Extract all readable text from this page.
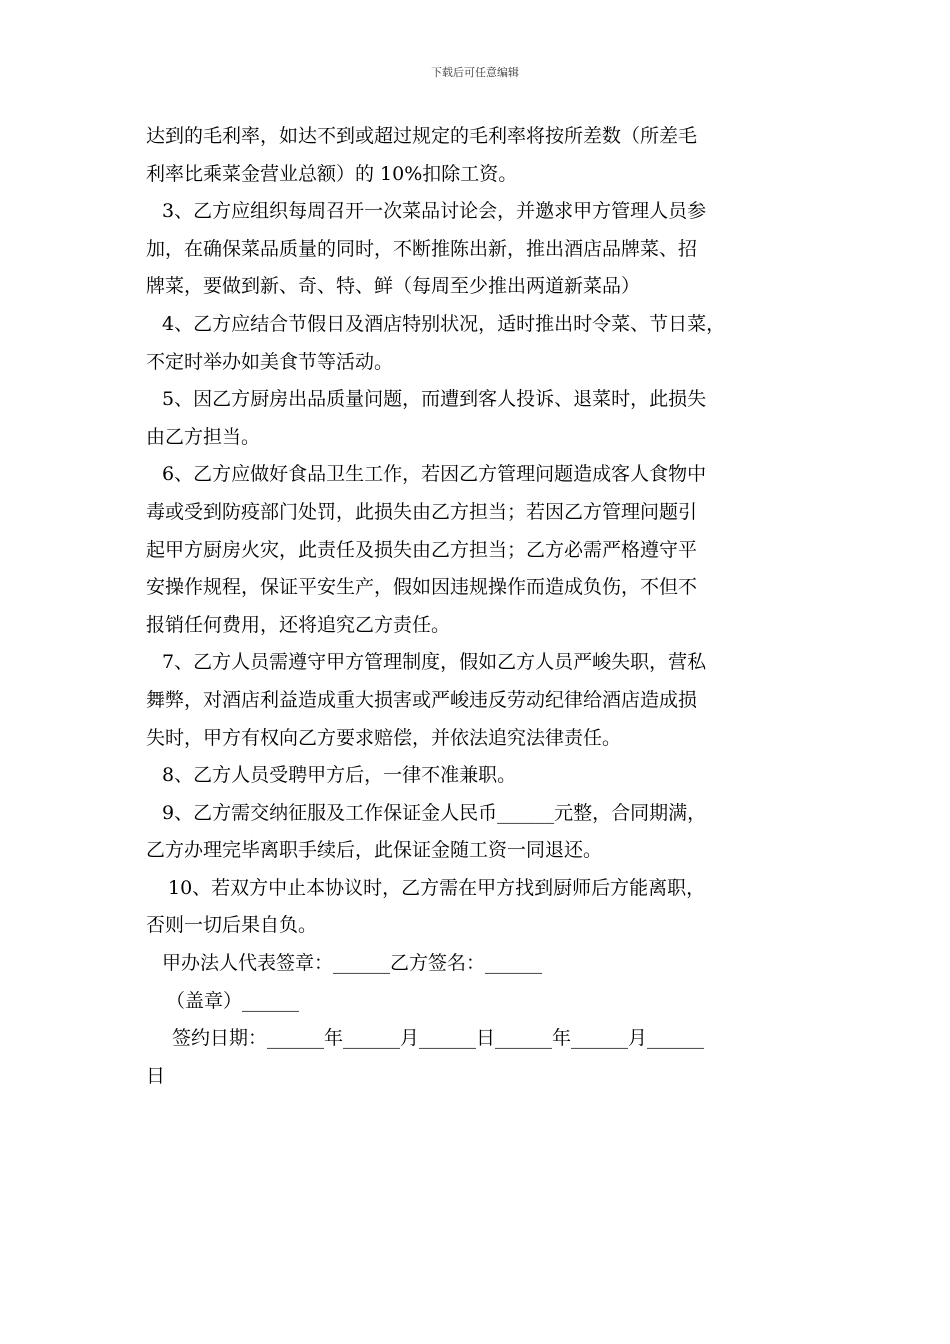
下载后可任意编辑
达到的毛利率，如达不到或超过规定的毛利率将按所差数（所差毛
利率比乘菜金营业总额）的 10%扣除工资。
3、乙方应组织每周召开一次菜品讨论会，并邀求甲方管理人员参
加，在确保菜品质量的同时，不断推陈出新，推出酒店品牌菜、招
牌菜，要做到新、奇、特、鲜（每周至少推出两道新菜品）
4、乙方应结合节假日及酒店特别状况，适时推出时令菜、节日菜，
不定时举办如美食节等活动。
5、因乙方厨房出品质量问题，而遭到客人投诉、退菜时，此损失
由乙方担当。
6、乙方应做好食品卫生工作，若因乙方管理问题造成客人食物中
毒或受到防疫部门处罚，此损失由乙方担当；若因乙方管理问题引
起甲方厨房火灾，此责任及损失由乙方担当；乙方必需严格遵守平
安操作规程，保证平安生产，假如因违规操作而造成负伤，不但不
报销任何费用，还将追究乙方责任。
7、乙方人员需遵守甲方管理制度，假如乙方人员严峻失职，营私
舞弊，对酒店利益造成重大损害或严峻违反劳动纪律给酒店造成损
失时，甲方有权向乙方要求赔偿，并依法追究法律责任。
8、乙方人员受聘甲方后，一律不准兼职。
9、乙方需交纳征服及工作保证金人民币______元整，合同期满，
乙方办理完毕离职手续后，此保证金随工资一同退还。
10、若双方中止本协议时，乙方需在甲方找到厨师后方能离职，
否则一切后果自负。
甲办法人代表签章：______乙方签名：______
（盖章）______
签约日期：______年______月______日______年______月______
日
